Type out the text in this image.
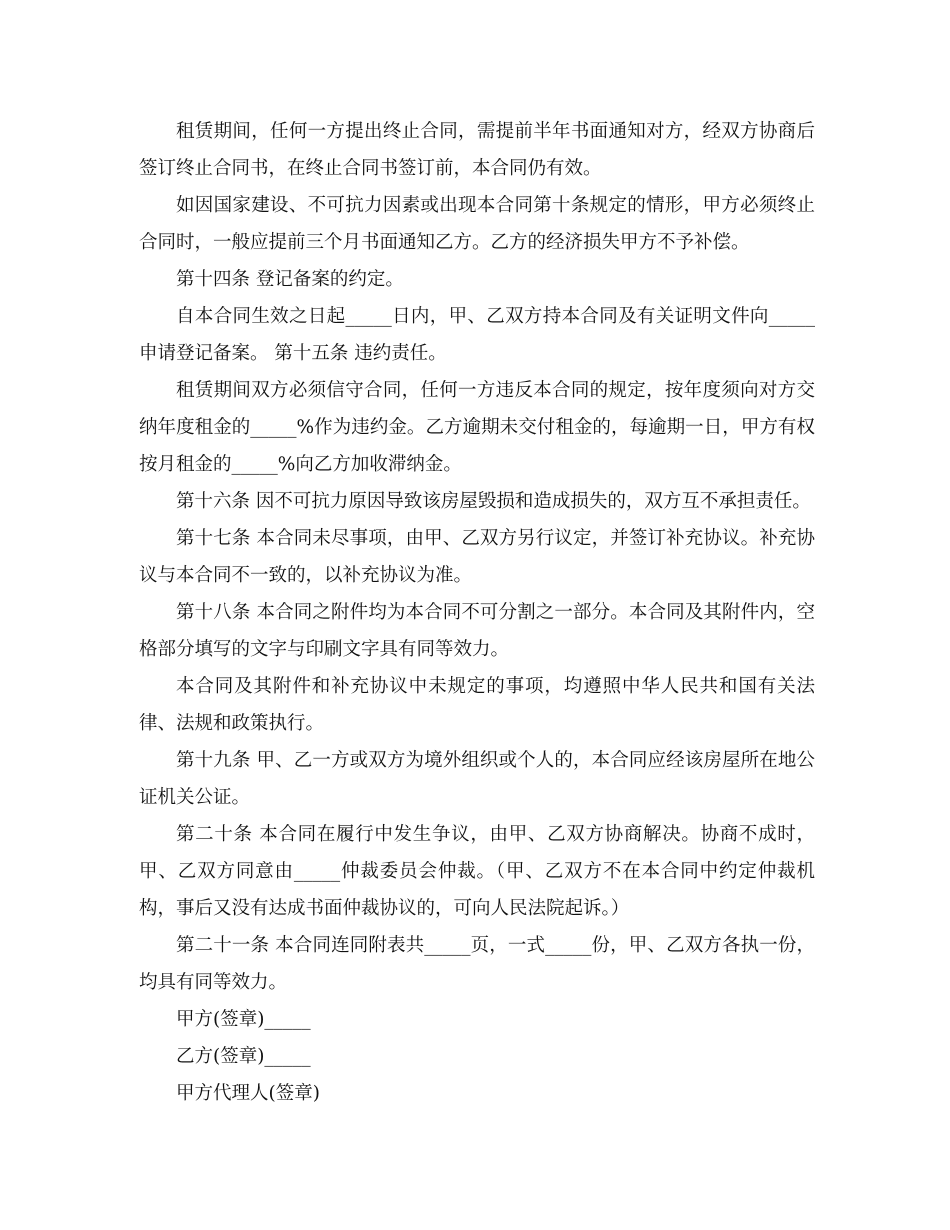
租赁期间，任何一方提出终止合同，需提前半年书面通知对方，经双方协商后签订终止合同书，在终止合同书签订前，本合同仍有效。

如因国家建设、不可抗力因素或出现本合同第十条规定的情形，甲方必须终止合同时，一般应提前三个月书面通知乙方。乙方的经济损失甲方不予补偿。

第十四条 登记备案的约定。

自本合同生效之日起_____日内，甲、乙双方持本合同及有关证明文件向_____申请登记备案。 第十五条 违约责任。

租赁期间双方必须信守合同，任何一方违反本合同的规定，按年度须向对方交纳年度租金的_____%作为违约金。乙方逾期未交付租金的，每逾期一日，甲方有权按月租金的_____%向乙方加收滞纳金。

第十六条 因不可抗力原因导致该房屋毁损和造成损失的，双方互不承担责任。

第十七条 本合同未尽事项，由甲、乙双方另行议定，并签订补充协议。补充协议与本合同不一致的，以补充协议为准。

第十八条 本合同之附件均为本合同不可分割之一部分。本合同及其附件内，空格部分填写的文字与印刷文字具有同等效力。

本合同及其附件和补充协议中未规定的事项，均遵照中华人民共和国有关法律、法规和政策执行。

第十九条 甲、乙一方或双方为境外组织或个人的，本合同应经该房屋所在地公证机关公证。

第二十条 本合同在履行中发生争议，由甲、乙双方协商解决。协商不成时，甲、乙双方同意由_____仲裁委员会仲裁。（甲、乙双方不在本合同中约定仲裁机构，事后又没有达成书面仲裁协议的，可向人民法院起诉。）

第二十一条 本合同连同附表共_____页，一式_____份，甲、乙双方各执一份，均具有同等效力。

甲方(签章)_____

乙方(签章)_____

甲方代理人(签章)
